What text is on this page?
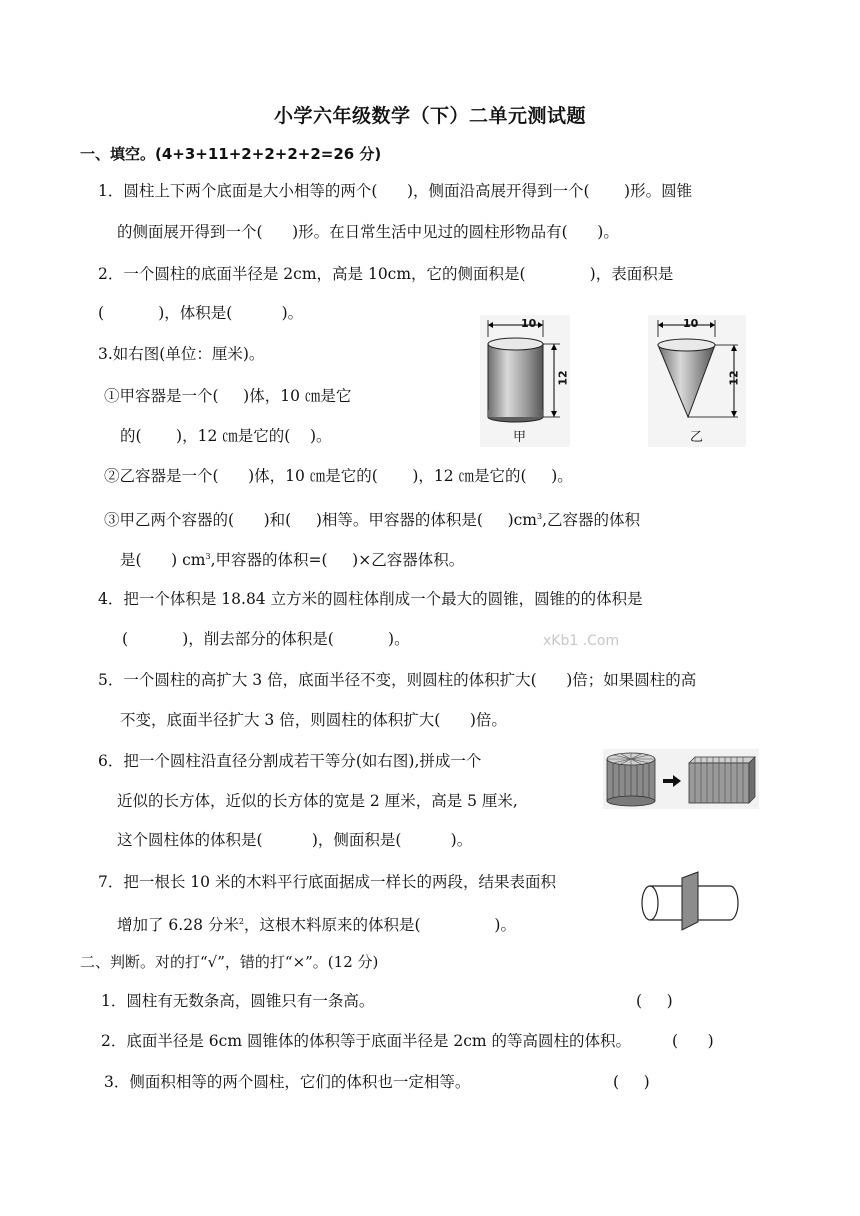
小学六年级数学（下）二单元测试题
一、填空。(4+3+11+2+2+2+2=26 分)
1．圆柱上下两个底面是大小相等的两个(      )，侧面沿高展开得到一个(       )形。圆锥
的侧面展开得到一个(      )形。在日常生活中见过的圆柱形物品有(      )。
2．一个圆柱的底面半径是 2cm，高是 10cm，它的侧面积是(             )，表面积是
(           )，体积是(          )。
3.如右图(单位：厘米)。
①甲容器是一个(     )体，10 ㎝是它
的(       )，12 ㎝是它的(    )。
②乙容器是一个(      )体，10 ㎝是它的(       )，12 ㎝是它的(     )。
③甲乙两个容器的(      )和(     )相等。甲容器的体积是(     )$cm^3$,乙容器的体积
是(      ) $cm^3$,甲容器的体积=(     )×乙容器体积。
10
12
甲
10
12
乙
4．把一个体积是 18.84 立方米的圆柱体削成一个最大的圆锥，圆锥的的体积是
(           )，削去部分的体积是(           )。	xKb1 .Com
5．一个圆柱的高扩大 3 倍，底面半径不变，则圆柱的体积扩大(      )倍；如果圆柱的高
不变，底面半径扩大 3 倍，则圆柱的体积扩大(      )倍。
6．把一个圆柱沿直径分割成若干等分(如右图),拼成一个
近似的长方体，近似的长方体的宽是 2 厘米，高是 5 厘米,
这个圆柱体的体积是(          )，侧面积是(          )。
7．把一根长 10 米的木料平行底面据成一样长的两段，结果表面积
增加了 6.28 分米$^2$，这根木料原来的体积是(               )。
二、判断。对的打“√”，错的打“×”。(12 分)
1．圆柱有无数条高，圆锥只有一条高。	(     )
2．底面半径是 6cm 圆锥体的体积等于底面半径是 2cm 的等高圆柱的体积。	(      )
3．侧面积相等的两个圆柱，它们的体积也一定相等。	(     )
